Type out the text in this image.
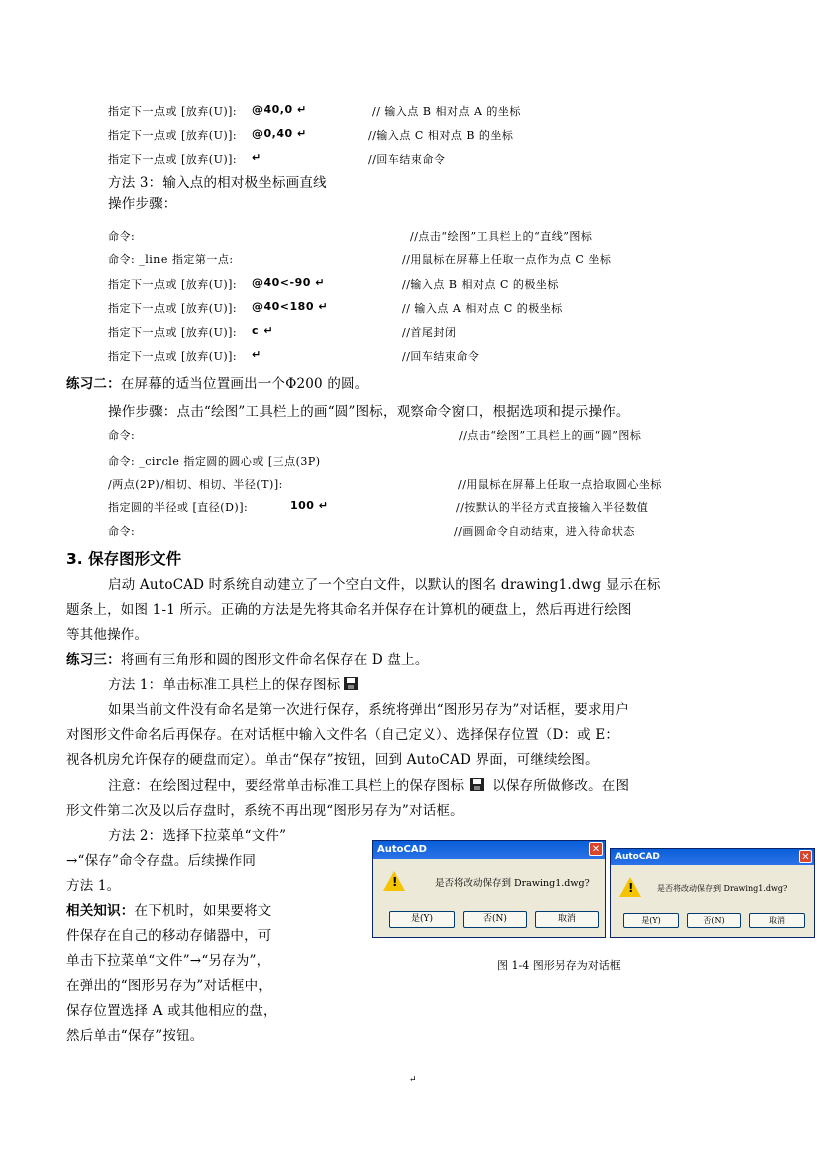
方法 3：输入点的相对极坐标画直线
操作步骤：
练习二：在屏幕的适当位置画出一个Φ200 的圆。
操作步骤：点击“绘图”工具栏上的画“圆”图标，观察命令窗口，根据选项和提示操作。
3. 保存图形文件
启动 AutoCAD 时系统自动建立了一个空白文件，以默认的图名 drawing1.dwg 显示在标
题条上，如图 1-1 所示。正确的方法是先将其命名并保存在计算机的硬盘上，然后再进行绘图
等其他操作。
练习三：将画有三角形和圆的图形文件命名保存在 D 盘上。
方法 1：单击标准工具栏上的保存图标
如果当前文件没有命名是第一次进行保存，系统将弹出“图形另存为”对话框，要求用户
对图形文件命名后再保存。在对话框中输入文件名（自己定义）、选择保存位置（D：或 E：
视各机房允许保存的硬盘而定）。单击“保存”按钮，回到 AutoCAD 界面，可继续绘图。
注意：在绘图过程中，要经常单击标准工具栏上的保存图标 以保存所做修改。在图
形文件第二次及以后存盘时，系统不再出现“图形另存为”对话框。
方法 2：选择下拉菜单“文件”
→“保存”命令存盘。后续操作同
方法 1。
相关知识：在下机时，如果要将文
件保存在自己的移动存储器中，可
单击下拉菜单“文件”→“另存为”，
在弹出的“图形另存为”对话框中，
保存位置选择 A 或其他相应的盘，
然后单击“保存”按钮。
AutoCAD	✕
!	是否将改动保存到 Drawing1.dwg?
是(Y)	否(N)	取消
AutoCAD	✕
!	是否将改动保存到 Drawing1.dwg?
是(Y)	否(N)	取消
图 1-4 图形另存为对话框
↵
指定下一点或 [放弃(U)]: @40,0 ↵	// 输入点 B 相对点 A 的坐标
指定下一点或 [放弃(U)]: @0,40 ↵	//输入点 C 相对点 B 的坐标
指定下一点或 [放弃(U)]: ↵	//回车结束命令
命令:	//点击“绘图”工具栏上的“直线”图标
命令: _line 指定第一点:	//用鼠标在屏幕上任取一点作为点 C 坐标
指定下一点或 [放弃(U)]: @40<-90 ↵	//输入点 B 相对点 C 的极坐标
指定下一点或 [放弃(U)]: @40<180 ↵	// 输入点 A 相对点 C 的极坐标
指定下一点或 [放弃(U)]: c ↵	//首尾封闭
指定下一点或 [放弃(U)]: ↵	//回车结束命令
命令:	//点击“绘图”工具栏上的画“圆”图标
命令: _circle 指定圆的圆心或 [三点(3P)
/两点(2P)/相切、相切、半径(T)]:	//用鼠标在屏幕上任取一点拾取圆心坐标
指定圆的半径或 [直径(D)]:	100 ↵	//按默认的半径方式直接输入半径数值
命令:	//画圆命令自动结束，进入待命状态
